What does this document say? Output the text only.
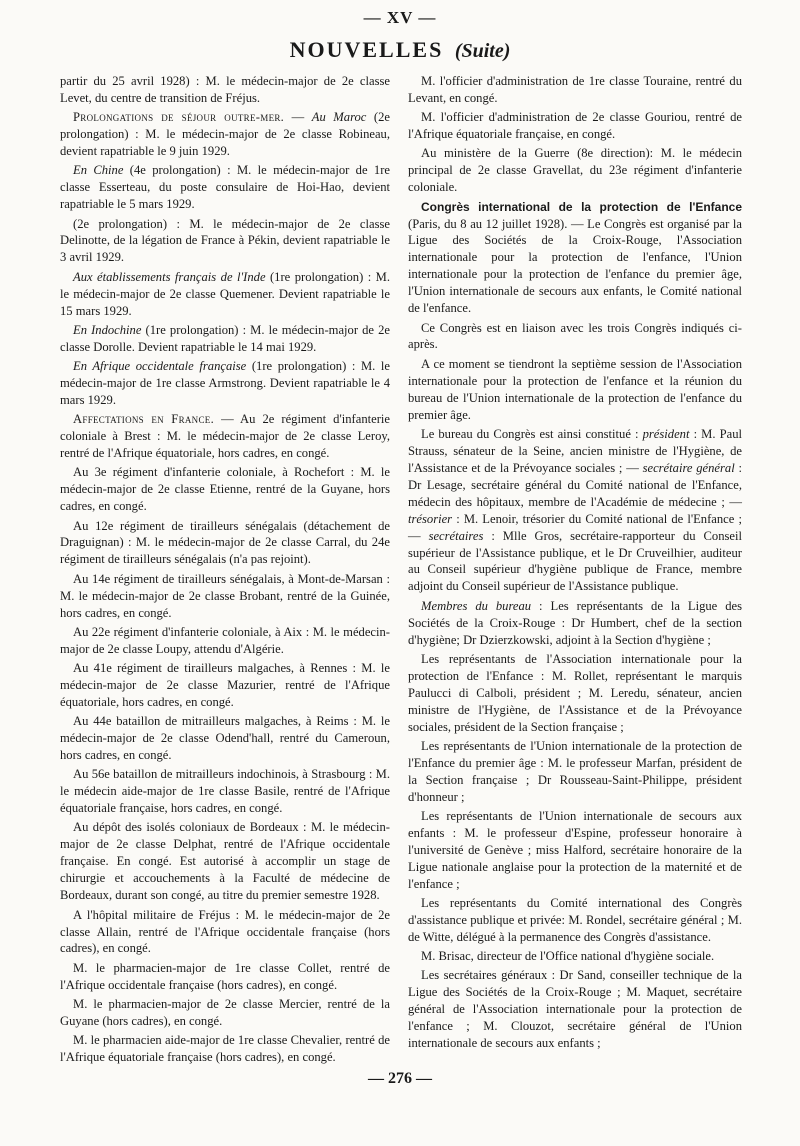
— XV —
NOUVELLES (Suite)

partir du 25 avril 1928) : M. le médecin-major de 2e classe Levet, du centre de transition de Fréjus.

Prolongations de séjour outre-mer. — Au Maroc (2e prolongation) : M. le médecin-major de 2e classe Robineau, devient rapatriable le 9 juin 1929.

En Chine (4e prolongation) : M. le médecin-major de 1re classe Esserteau, du poste consulaire de Hoi-Hao, devient rapatriable le 5 mars 1929.

(2e prolongation) : M. le médecin-major de 2e classe Delinotte, de la légation de France à Pékin, devient rapatriable le 3 avril 1929.

Aux établissements français de l'Inde (1re prolongation) : M. le médecin-major de 2e classe Quemener. Devient rapatriable le 15 mars 1929.

En Indochine (1re prolongation) : M. le médecin-major de 2e classe Dorolle. Devient rapatriable le 14 mai 1929.

En Afrique occidentale française (1re prolongation) : M. le médecin-major de 1re classe Armstrong. Devient rapatriable le 4 mars 1929.

Affectations en France. — Au 2e régiment d'infanterie coloniale à Brest : M. le médecin-major de 2e classe Leroy, rentré de l'Afrique équatoriale, hors cadres, en congé.

Au 3e régiment d'infanterie coloniale, à Rochefort : M. le médecin-major de 2e classe Etienne, rentré de la Guyane, hors cadres, en congé.

Au 12e régiment de tirailleurs sénégalais (détachement de Draguignan) : M. le médecin-major de 2e classe Carral, du 24e régiment de tirailleurs sénégalais (n'a pas rejoint).

Au 14e régiment de tirailleurs sénégalais, à Mont-de-Marsan : M. le médecin-major de 2e classe Brobant, rentré de la Guinée, hors cadres, en congé.

Au 22e régiment d'infanterie coloniale, à Aix : M. le médecin-major de 2e classe Loupy, attendu d'Algérie.

Au 41e régiment de tirailleurs malgaches, à Rennes : M. le médecin-major de 2e classe Mazurier, rentré de l'Afrique équatoriale, hors cadres, en congé.

Au 44e bataillon de mitrailleurs malgaches, à Reims : M. le médecin-major de 2e classe Odend'hall, rentré du Cameroun, hors cadres, en congé.

Au 56e bataillon de mitrailleurs indochinois, à Strasbourg : M. le médecin aide-major de 1re classe Basile, rentré de l'Afrique équatoriale française, hors cadres, en congé.

Au dépôt des isolés coloniaux de Bordeaux : M. le médecin-major de 2e classe Delphat, rentré de l'Afrique occidentale française. En congé. Est autorisé à accomplir un stage de chirurgie et accouchements à la Faculté de médecine de Bordeaux, durant son congé, au titre du premier semestre 1928.

A l'hôpital militaire de Fréjus : M. le médecin-major de 2e classe Allain, rentré de l'Afrique occidentale française (hors cadres), en congé.

M. le pharmacien-major de 1re classe Collet, rentré de l'Afrique occidentale française (hors cadres), en congé.

M. le pharmacien-major de 2e classe Mercier, rentré de la Guyane (hors cadres), en congé.

M. le pharmacien aide-major de 1re classe Chevalier, rentré de l'Afrique équatoriale française (hors cadres), en congé.

M. l'officier d'administration de 1re classe Touraine, rentré du Levant, en congé.

M. l'officier d'administration de 2e classe Gouriou, rentré de l'Afrique équatoriale française, en congé.

Au ministère de la Guerre (8e direction): M. le médecin principal de 2e classe Gravellat, du 23e régiment d'infanterie coloniale.

Congrès international de la protection de l'Enfance (Paris, du 8 au 12 juillet 1928). — Le Congrès est organisé par la Ligue des Sociétés de la Croix-Rouge, l'Association internationale pour la protection de l'enfance, l'Union internationale pour la protection de l'enfance du premier âge, l'Union internationale de secours aux enfants, le Comité national de l'enfance.

Ce Congrès est en liaison avec les trois Congrès indiqués ci-après.

A ce moment se tiendront la septième session de l'Association internationale pour la protection de l'enfance et la réunion du bureau de l'Union internationale de la protection de l'enfance du premier âge.

Le bureau du Congrès est ainsi constitué : président : M. Paul Strauss, sénateur de la Seine, ancien ministre de l'Hygiène, de l'Assistance et de la Prévoyance sociales ; — secrétaire général : Dr Lesage, secrétaire général du Comité national de l'Enfance, médecin des hôpitaux, membre de l'Académie de médecine ; — trésorier : M. Lenoir, trésorier du Comité national de l'Enfance ; — secrétaires : Mlle Gros, secrétaire-rapporteur du Conseil supérieur de l'Assistance publique, et le Dr Cruveilhier, auditeur au Conseil supérieur d'hygiène publique de France, membre adjoint du Conseil supérieur de l'Assistance publique.

Membres du bureau : Les représentants de la Ligue des Sociétés de la Croix-Rouge : Dr Humbert, chef de la section d'hygiène; Dr Dzierzkowski, adjoint à la Section d'hygiène ;

Les représentants de l'Association internationale pour la protection de l'Enfance : M. Rollet, représentant le marquis Paulucci di Calboli, président ; M. Leredu, sénateur, ancien ministre de l'Hygiène, de l'Assistance et de la Prévoyance sociales, président de la Section française ;

Les représentants de l'Union internationale de la protection de l'Enfance du premier âge : M. le professeur Marfan, président de la Section française ; Dr Rousseau-Saint-Philippe, président d'honneur ;

Les représentants de l'Union internationale de secours aux enfants : M. le professeur d'Espine, professeur honoraire à l'université de Genève ; miss Halford, secrétaire honoraire de la Ligue nationale anglaise pour la protection de la maternité et de l'enfance ;

Les représentants du Comité international des Congrès d'assistance publique et privée: M. Rondel, secrétaire général ; M. de Witte, délégué à la permanence des Congrès d'assistance.

M. Brisac, directeur de l'Office national d'hygiène sociale.

Les secrétaires généraux : Dr Sand, conseiller technique de la Ligue des Sociétés de la Croix-Rouge ; M. Maquet, secrétaire général de l'Association internationale pour la protection de l'enfance ; M. Clouzot, secrétaire général de l'Union internationale de secours aux enfants ;

— 276 —
